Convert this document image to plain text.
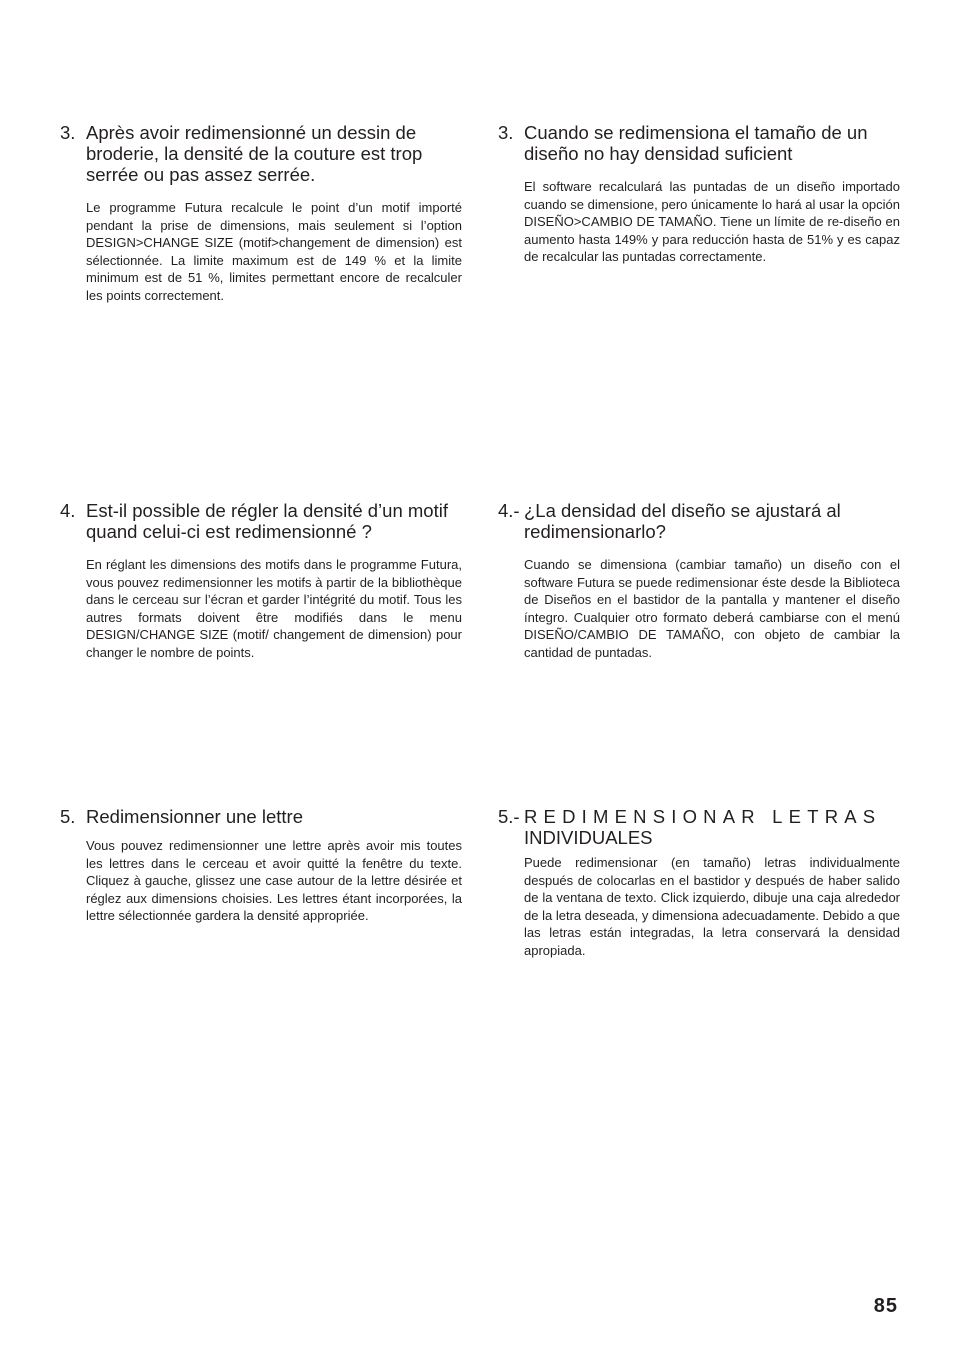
3. Après avoir redimensionné un dessin de broderie, la densité de la couture est trop serrée ou pas assez serrée.

Le programme Futura recalcule le point d’un motif importé pendant la prise de dimensions, mais seulement si l’option DESIGN>CHANGE SIZE (motif>changement de dimension) est sélectionnée. La limite maximum est de 149 % et la limite minimum est de 51 %, limites permettant encore de recalculer les points correctement.

3. Cuando se redimensiona el tamaño de un diseño no hay densidad suficient

El software recalculará las puntadas de un diseño importado cuando se dimensione, pero únicamente lo hará al usar la opción DISEÑO>CAMBIO DE TAMAÑO. Tiene un límite de re-diseño en aumento hasta 149% y para reducción hasta de 51% y es capaz de recalcular las puntadas correctamente.

4. Est-il possible de régler la densité d’un motif quand celui-ci est redimensionné ?

En réglant les dimensions des motifs dans le programme Futura, vous pouvez redimensionner les motifs à partir de la bibliothèque dans le cerceau sur l’écran et garder l’intégrité du motif. Tous les autres formats doivent être modifiés dans le menu DESIGN/CHANGE SIZE (motif/ changement de dimension) pour changer le nombre de points.

4.- ¿La densidad del diseño se ajustará al redimensionarlo?

Cuando se dimensiona (cambiar tamaño) un diseño con el software Futura se puede redimensionar éste desde la Biblioteca de Diseños en el bastidor de la pantalla y mantener el diseño íntegro. Cualquier otro formato deberá cambiarse con el menú DISEÑO/CAMBIO DE TAMAÑO, con objeto de cambiar la cantidad de puntadas.

5. Redimensionner une lettre

Vous pouvez redimensionner une lettre après avoir mis toutes les lettres dans le cerceau et avoir quitté la fenêtre du texte. Cliquez à gauche, glissez une case autour de la lettre désirée et réglez aux dimensions choisies. Les lettres étant incorporées, la lettre sélectionnée gardera la densité appropriée.

5.- REDIMENSIONAR LETRAS
INDIVIDUALES

Puede redimensionar (en tamaño) letras individualmente después de colocarlas en el bastidor y después de haber salido de la ventana de texto. Click izquierdo, dibuje una caja alrededor de la letra deseada, y dimensiona adecuadamente. Debido a que las letras están integradas, la letra conservará la densidad apropiada.

85
